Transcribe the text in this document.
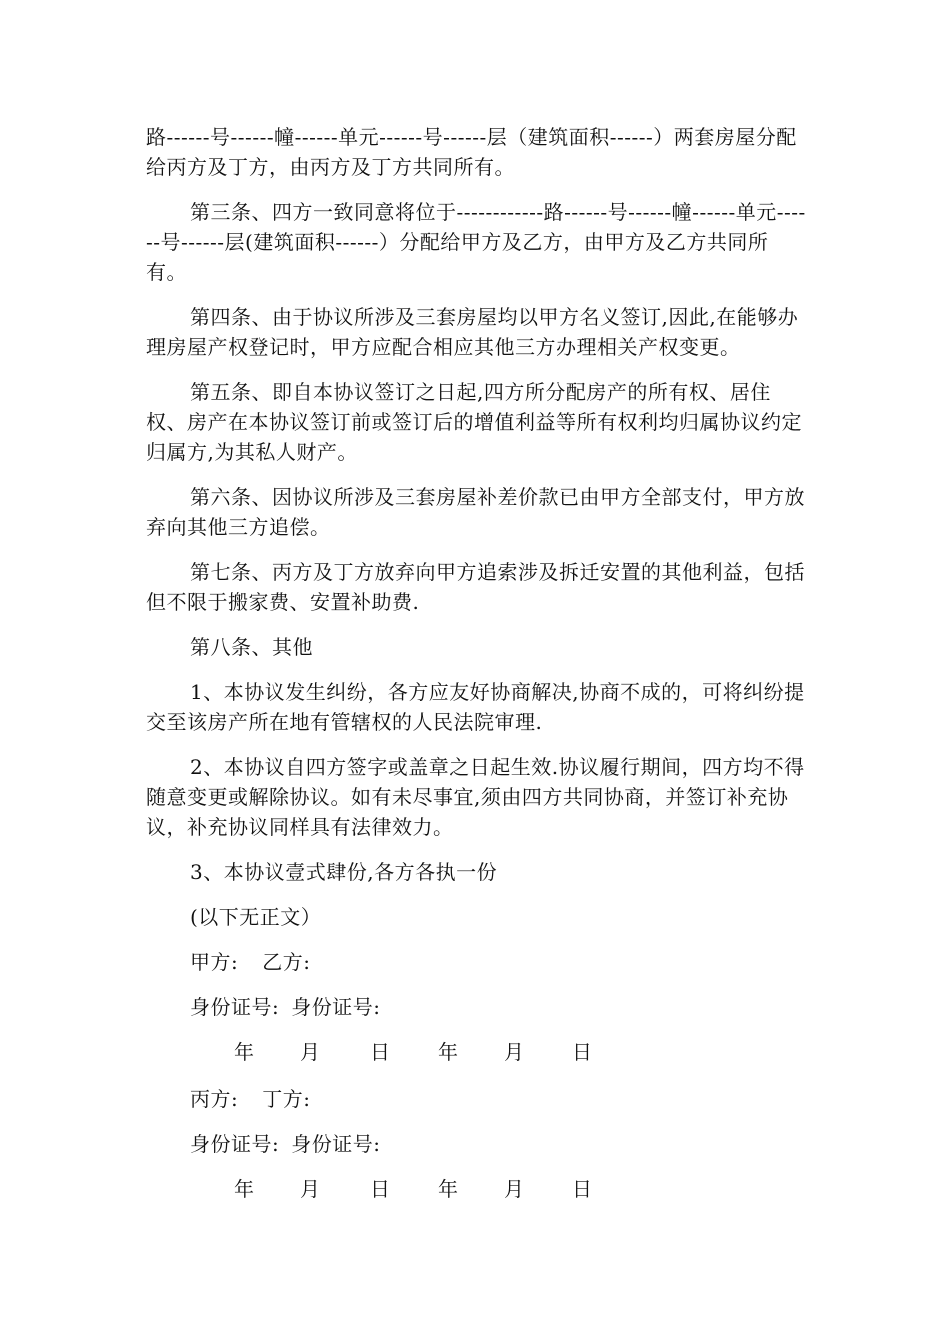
路------号------幢------单元------号------层（建筑面积------）两套房屋分配给丙方及丁方，由丙方及丁方共同所有。

第三条、四方一致同意将位于------------路------号------幢------单元------号------层(建筑面积------）分配给甲方及乙方，由甲方及乙方共同所有。

第四条、由于协议所涉及三套房屋均以甲方名义签订,因此,在能够办理房屋产权登记时，甲方应配合相应其他三方办理相关产权变更。

第五条、即自本协议签订之日起,四方所分配房产的所有权、居住权、房产在本协议签订前或签订后的增值利益等所有权利均归属协议约定归属方,为其私人财产。

第六条、因协议所涉及三套房屋补差价款已由甲方全部支付，甲方放弃向其他三方追偿。

第七条、丙方及丁方放弃向甲方追索涉及拆迁安置的其他利益，包括但不限于搬家费、安置补助费.

第八条、其他

1、本协议发生纠纷，各方应友好协商解决,协商不成的，可将纠纷提交至该房产所在地有管辖权的人民法院审理.

2、本协议自四方签字或盖章之日起生效.协议履行期间，四方均不得随意变更或解除协议。如有未尽事宜,须由四方共同协商，并签订补充协议，补充协议同样具有法律效力。

3、本协议壹式肆份,各方各执一份

(以下无正文）

甲方: 乙方:
身份证号: 身份证号:
年 月 日 年 月 日
丙方: 丁方:
身份证号: 身份证号:
年 月 日 年 月 日
